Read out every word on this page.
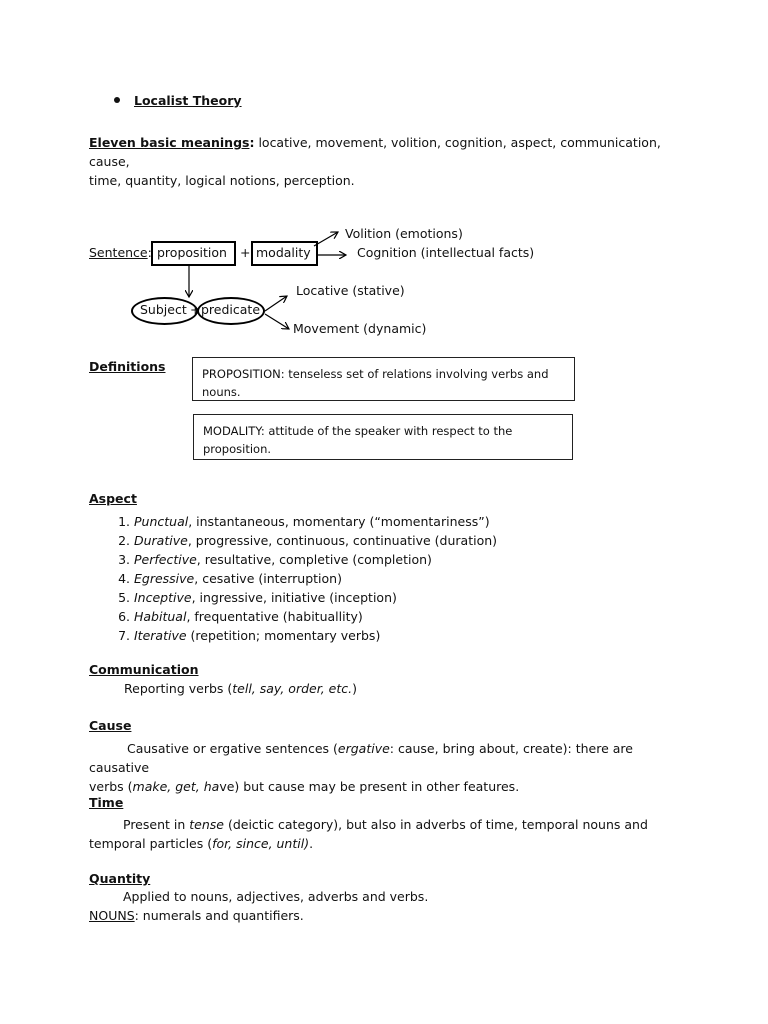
Localist Theory
Eleven basic meanings: locative, movement, volition, cognition, aspect, communication, cause,
time, quantity, logical notions, perception.
Sentence: proposition + modality
Volition (emotions)
Cognition (intellectual facts)
Subject + predicate
Locative (stative)
Movement (dynamic)
Definitions	PROPOSITION: tenseless set of relations involving verbs and nouns.
MODALITY: attitude of the speaker with respect to the proposition.
Aspect
1. Punctual, instantaneous, momentary (“momentariness”)
2. Durative, progressive, continuous, continuative (duration)
3. Perfective, resultative, completive (completion)
4. Egressive, cesative (interruption)
5. Inceptive, ingressive, initiative (inception)
6. Habitual, frequentative (habituallity)
7. Iterative (repetition; momentary verbs)
Communication
Reporting verbs (tell, say, order, etc.)
Cause
Causative or ergative sentences (ergative: cause, bring about, create): there are causative
verbs (make, get, have) but cause may be present in other features.
Time
Present in tense (deictic category), but also in adverbs of time, temporal nouns and
temporal particles (for, since, until).
Quantity
Applied to nouns, adjectives, adverbs and verbs.
NOUNS: numerals and quantifiers.
